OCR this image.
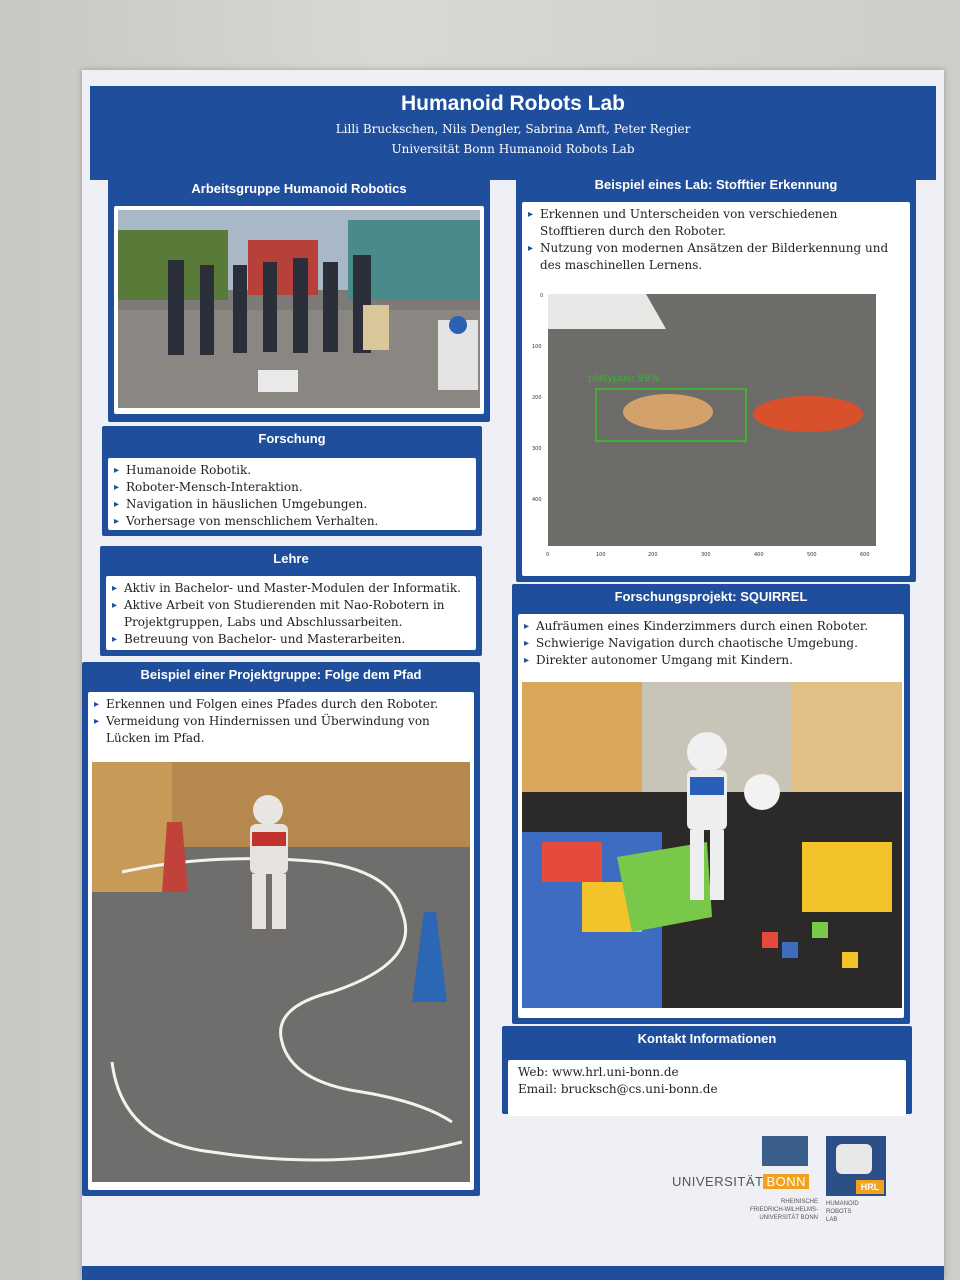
Humanoid Robots Lab
Lilli Bruckschen, Nils Dengler, Sabrina Amft, Peter Regier
Universität Bonn Humanoid Robots Lab
Arbeitsgruppe Humanoid Robotics
Forschung
▸ Humanoide Robotik.
▸ Roboter-Mensch-Interaktion.
▸ Navigation in häuslichen Umgebungen.
▸ Vorhersage von menschlichem Verhalten.
Lehre
▸ Aktiv in Bachelor- und Master-Modulen der Informatik.
▸ Aktive Arbeit von Studierenden mit Nao-Robotern in Projektgruppen, Labs und Abschlussarbeiten.
▸ Betreuung von Bachelor- und Masterarbeiten.
Beispiel einer Projektgruppe: Folge dem Pfad
▸ Erkennen und Folgen eines Pfades durch den Roboter.
▸ Vermeidung von Hindernissen und Überwindung von Lücken im Pfad.
Beispiel eines Lab: Stofftier Erkennung
▸ Erkennen und Unterscheiden von verschiedenen Stofftieren durch den Roboter.
▸ Nutzung von modernen Ansätzen der Bilderkennung und des maschinellen Lernens.
platypus: 99%
0
100
200
300
400
0	100	200	300	400	500	600
Forschungsprojekt: SQUIRREL
▸ Aufräumen eines Kinderzimmers durch einen Roboter.
▸ Schwierige Navigation durch chaotische Umgebung.
▸ Direkter autonomer Umgang mit Kindern.
Kontakt Informationen
Web: www.hrl.uni-bonn.de
Email: brucksch@cs.uni-bonn.de
UNIVERSITÄT BONN
RHEINISCHE
FRIEDRICH-WILHELMS-
UNIVERSITÄT BONN
HRL
HUMANOID
ROBOTS
LAB
